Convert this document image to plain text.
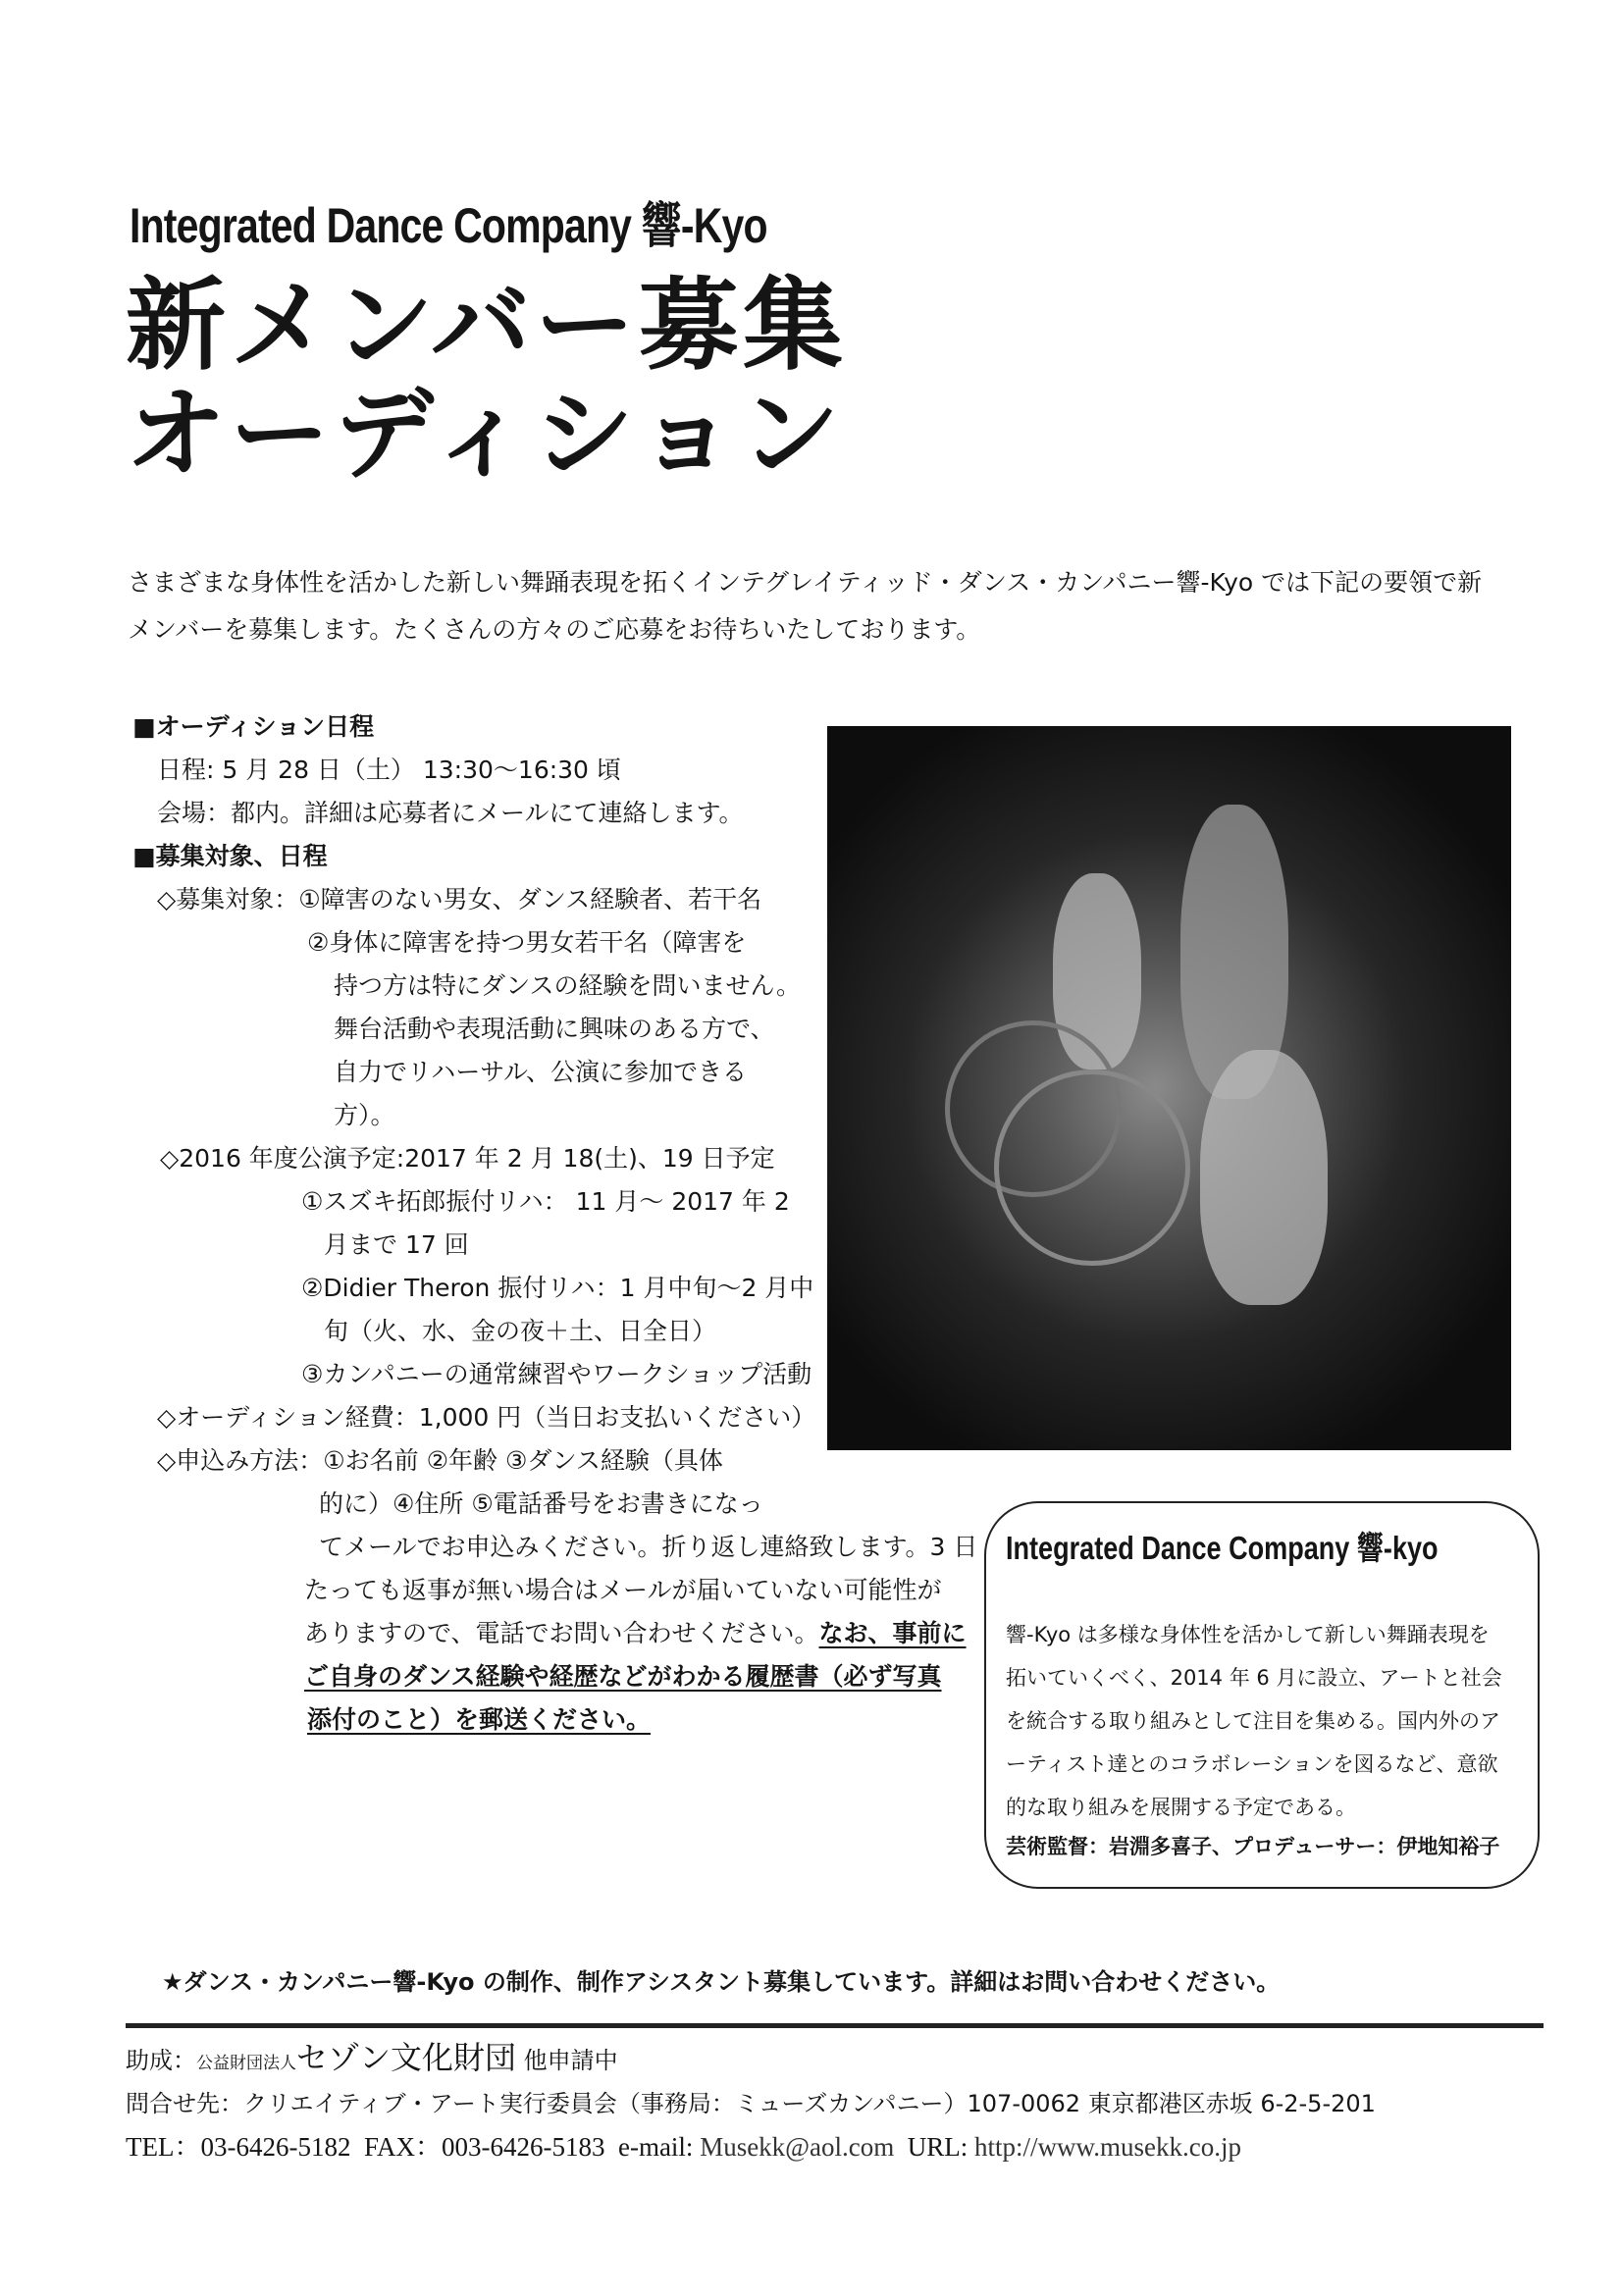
Integrated Dance Company 響-Kyo
新メンバー募集
オーディション
さまざまな身体性を活かした新しい舞踊表現を拓くインテグレイティッド・ダンス・カンパニー響-Kyo では下記の要領で新
メンバーを募集します。たくさんの方々のご応募をお待ちいたしております。
■オーディション日程
日程: 5 月 28 日（土） 13:30〜16:30 頃
会場：都内。詳細は応募者にメールにて連絡します。
■募集対象、日程
◇募集対象：①障害のない男女、ダンス経験者、若干名
②身体に障害を持つ男女若干名（障害を
持つ方は特にダンスの経験を問いません。
舞台活動や表現活動に興味のある方で、
自力でリハーサル、公演に参加できる
方）。
◇2016 年度公演予定:2017 年 2 月 18(土)、19 日予定
①スズキ拓郎振付リハ： 11 月〜 2017 年 2
月まで 17 回
②Didier Theron 振付リハ：1 月中旬〜2 月中
旬（火、水、金の夜＋土、日全日）
③カンパニーの通常練習やワークショップ活動
◇オーディション経費：1,000 円（当日お支払いください）
◇申込み方法：①お名前 ②年齢 ③ダンス経験（具体
的に）④住所 ⑤電話番号をお書きになっ
てメールでお申込みください。折り返し連絡致します。3 日
たっても返事が無い場合はメールが届いていない可能性が
ありますので、電話でお問い合わせください。なお、事前に
ご自身のダンス経験や経歴などがわかる履歴書（必ず写真
添付のこと）を郵送ください。
Integrated Dance Company 響-kyo
響-Kyo は多様な身体性を活かして新しい舞踊表現を
拓いていくべく、2014 年 6 月に設立、アートと社会
を統合する取り組みとして注目を集める。国内外のア
ーティスト達とのコラボレーションを図るなど、意欲
的な取り組みを展開する予定である。
芸術監督：岩淵多喜子、プロデューサー：伊地知裕子
★ダンス・カンパニー響-Kyo の制作、制作アシスタント募集しています。詳細はお問い合わせください。
助成：公益財団法人セゾン文化財団 他申請中
問合せ先：クリエイティブ・アート実行委員会（事務局：ミューズカンパニー）107-0062 東京都港区赤坂 6-2-5-201
TEL：03-6426-5182 FAX：003-6426-5183 e-mail: Musekk@aol.com URL: http://www.musekk.co.jp
